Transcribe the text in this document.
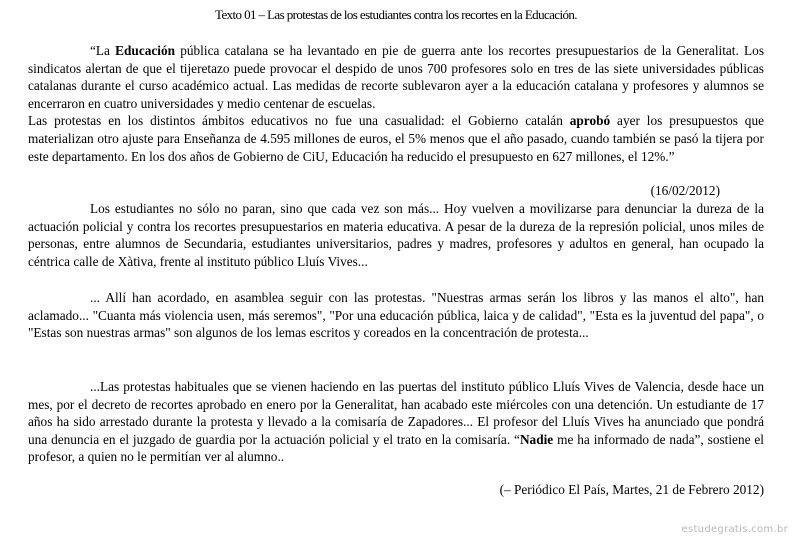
Texto 01 – Las protestas de los estudiantes contra los recortes en la Educación.

“La Educación pública catalana se ha levantado en pie de guerra ante los recortes presupuestarios de la Generalitat. Los sindicatos alertan de que el tijeretazo puede provocar el despido de unos 700 profesores solo en tres de las siete universidades públicas catalanas durante el curso académico actual. Las medidas de recorte sublevaron ayer a la educación catalana y profesores y alumnos se encerraron en cuatro universidades y medio centenar de escuelas.

Las protestas en los distintos ámbitos educativos no fue una casualidad: el Gobierno catalán aprobó ayer los presupuestos que materializan otro ajuste para Enseñanza de 4.595 millones de euros, el 5% menos que el año pasado, cuando también se pasó la tijera por este departamento. En los dos años de Gobierno de CiU, Educación ha reducido el presupuesto en 627 millones, el 12%.”

(16/02/2012)

Los estudiantes no sólo no paran, sino que cada vez son más... Hoy vuelven a movilizarse para denunciar la dureza de la actuación policial y contra los recortes presupuestarios en materia educativa. A pesar de la dureza de la represión policial, unos miles de personas, entre alumnos de Secundaria, estudiantes universitarios, padres y madres, profesores y adultos en general, han ocupado la céntrica calle de Xàtiva, frente al instituto público Lluís Vives...

... Allí han acordado, en asamblea seguir con las protestas. "Nuestras armas serán los libros y las manos el alto", han aclamado... "Cuanta más violencia usen, más seremos", "Por una educación pública, laica y de calidad", "Esta es la juventud del papa", o "Estas son nuestras armas" son algunos de los lemas escritos y coreados en la concentración de protesta...

...Las protestas habituales que se vienen haciendo en las puertas del instituto público Lluís Vives de Valencia, desde hace un mes, por el decreto de recortes aprobado en enero por la Generalitat, han acabado este miércoles con una detención. Un estudiante de 17 años ha sido arrestado durante la protesta y llevado a la comisaría de Zapadores... El profesor del Lluís Vives ha anunciado que pondrá una denuncia en el juzgado de guardia por la actuación policial y el trato en la comisaría. “Nadie me ha informado de nada”, sostiene el profesor, a quien no le permitían ver al alumno..

(– Periódico El País, Martes, 21 de Febrero 2012)
estudegratis.com.br
